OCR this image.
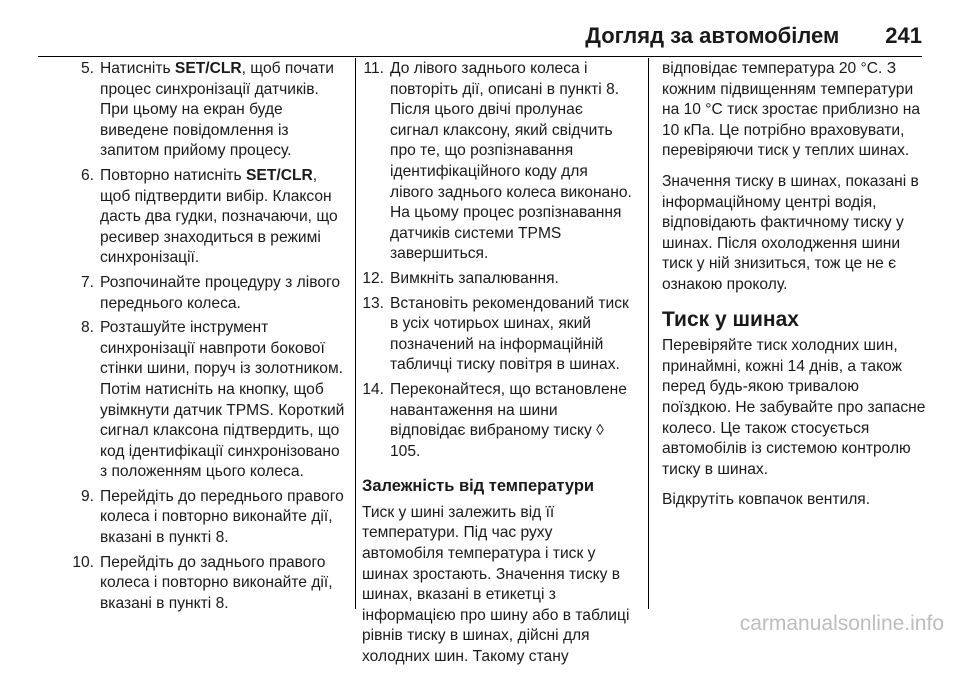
Догляд за автомобілем 241
5. Натисніть SET/CLR, щоб почати процес синхронізації датчиків. При цьому на екран буде виведене повідомлення із запитом прийому процесу.
6. Повторно натисніть SET/CLR, щоб підтвердити вибір. Клаксон дасть два гудки, позначаючи, що ресивер знаходиться в режимі синхронізації.
7. Розпочинайте процедуру з лівого переднього колеса.
8. Розташуйте інструмент синхронізації навпроти бокової стінки шини, поруч із золотником. Потім натисніть на кнопку, щоб увімкнути датчик TPMS. Короткий сигнал клаксона підтвердить, що код ідентифікації синхронізовано з положенням цього колеса.
9. Перейдіть до переднього правого колеса і повторно виконайте дії, вказані в пункті 8.
10. Перейдіть до заднього правого колеса і повторно виконайте дії, вказані в пункті 8.
11. До лівого заднього колеса і повторіть дії, описані в пункті 8. Після цього двічі пролунає сигнал клаксону, який свідчить про те, що розпізнавання ідентифікаційного коду для лівого заднього колеса виконано. На цьому процес розпізнавання датчиків системи TPMS завершиться.
12. Вимкніть запалювання.
13. Встановіть рекомендований тиск в усіх чотирьох шинах, який позначений на інформаційній табличці тиску повітря в шинах.
14. Переконайтеся, що встановлене навантаження на шини відповідає вибраному тиску ◊ 105.
Залежність від температури
Тиск у шині залежить від її температури. Під час руху автомобіля температура і тиск у шинах зростають. Значення тиску в шинах, вказані в етикетці з інформацією про шину або в таблиці рівнів тиску в шинах, дійсні для холодних шин. Такому стану
відповідає температура 20 °C. З кожним підвищенням температури на 10 °C тиск зростає приблизно на 10 кПа. Це потрібно враховувати, перевіряючи тиск у теплих шинах.
Значення тиску в шинах, показані в інформаційному центрі водія, відповідають фактичному тиску у шинах. Після охолодження шини тиск у ній знизиться, тож це не є ознакою проколу.
Тиск у шинах
Перевіряйте тиск холодних шин, принаймні, кожні 14 днів, а також перед будь-якою тривалою поїздкою. Не забувайте про запасне колесо. Це також стосується автомобілів із системою контролю тиску в шинах.
Відкрутіть ковпачок вентиля.
carmanualsonline.info
